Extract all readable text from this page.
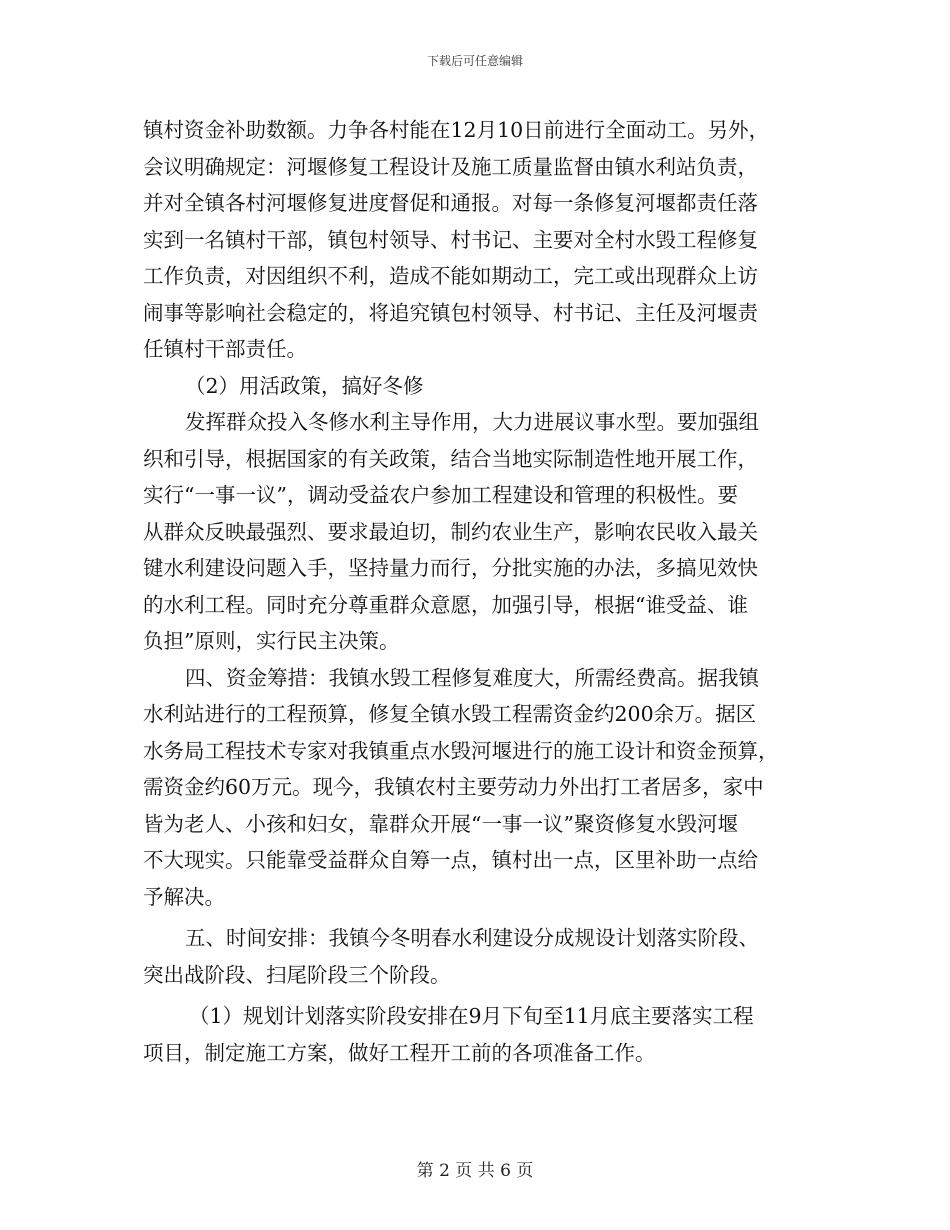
下载后可任意编辑
镇村资金补助数额。力争各村能在12月10日前进行全面动工。另外，
会议明确规定：河堰修复工程设计及施工质量监督由镇水利站负责，
并对全镇各村河堰修复进度督促和通报。对每一条修复河堰都责任落
实到一名镇村干部，镇包村领导、村书记、主要对全村水毁工程修复
工作负责，对因组织不利，造成不能如期动工，完工或出现群众上访
闹事等影响社会稳定的，将追究镇包村领导、村书记、主任及河堰责
任镇村干部责任。
（2）用活政策，搞好冬修
发挥群众投入冬修水利主导作用，大力进展议事水型。要加强组
织和引导，根据国家的有关政策，结合当地实际制造性地开展工作，
实行“一事一议”，调动受益农户参加工程建设和管理的积极性。要
从群众反映最强烈、要求最迫切，制约农业生产，影响农民收入最关
键水利建设问题入手，坚持量力而行，分批实施的办法，多搞见效快
的水利工程。同时充分尊重群众意愿，加强引导，根据“谁受益、谁
负担”原则，实行民主决策。
四、资金筹措：我镇水毁工程修复难度大，所需经费高。据我镇
水利站进行的工程预算，修复全镇水毁工程需资金约200余万。据区
水务局工程技术专家对我镇重点水毁河堰进行的施工设计和资金预算，
需资金约60万元。现今，我镇农村主要劳动力外出打工者居多，家中
皆为老人、小孩和妇女，靠群众开展“一事一议”聚资修复水毁河堰
不大现实。只能靠受益群众自筹一点，镇村出一点，区里补助一点给
予解决。
五、时间安排：我镇今冬明春水利建设分成规设计划落实阶段、
突出战阶段、扫尾阶段三个阶段。
（1）规划计划落实阶段安排在9月下旬至11月底主要落实工程
项目，制定施工方案，做好工程开工前的各项准备工作。
第 2 页 共 6 页
